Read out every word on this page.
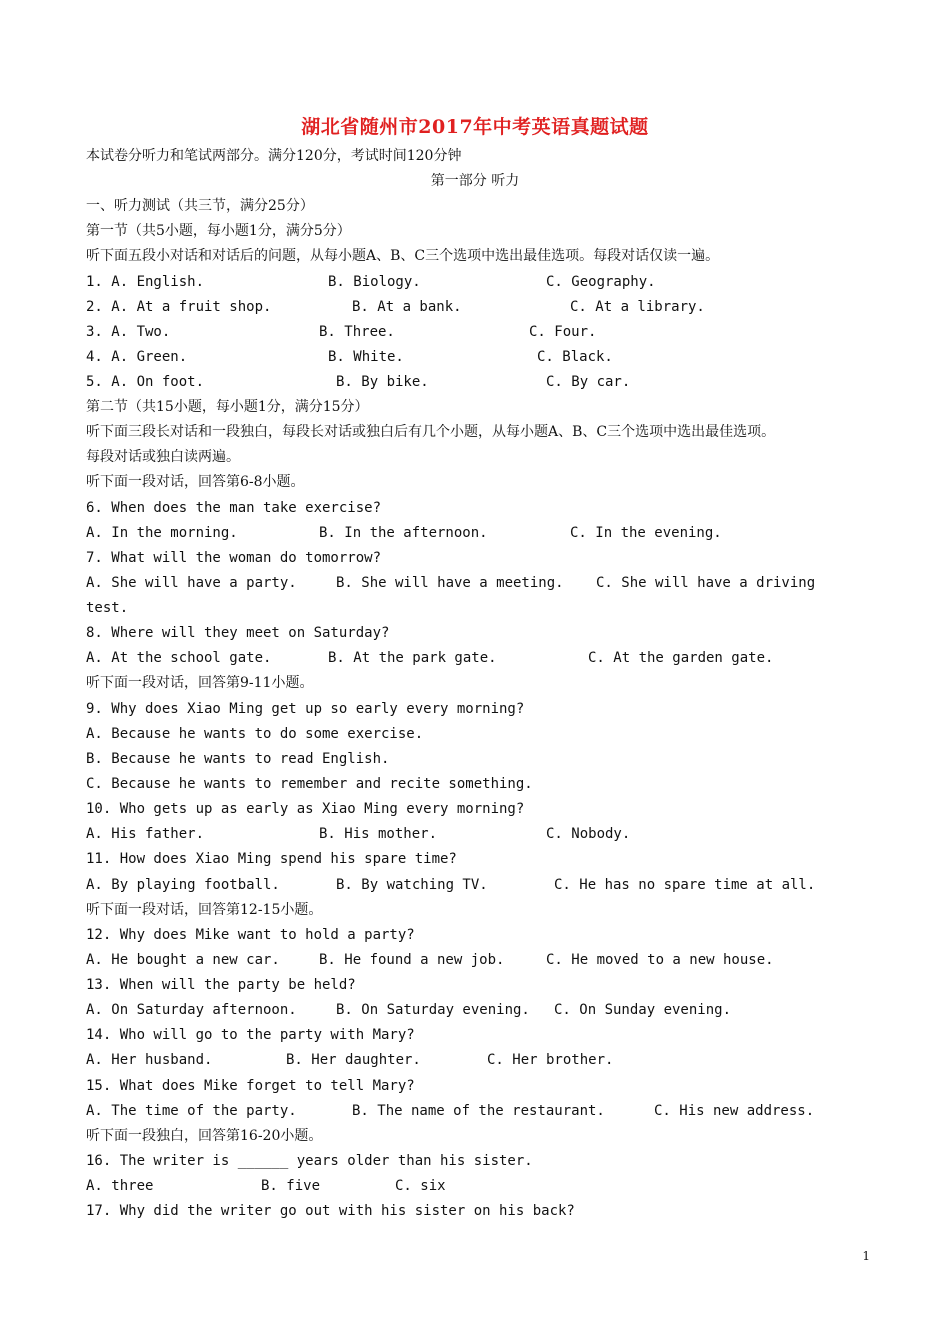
湖北省随州市2017年中考英语真题试题
本试卷分听力和笔试两部分。满分120分，考试时间120分钟
第一部分 听力
一、听力测试（共三节，满分25分）
第一节（共5小题，每小题1分，满分5分）
听下面五段小对话和对话后的问题，从每小题A、B、C三个选项中选出最佳选项。每段对话仅读一遍。

1. A. English.

	B. Biology.

	C. Geography.

2. A. At a fruit shop.

	B. At a bank.

	C. At a library.

3. A. Two.

	B. Three.

	C. Four.

4. A. Green.

	B. White.

	C. Black.

5. A. On foot.

	B. By bike.

	C. By car.

第二节（共15小题，每小题1分，满分15分）
听下面三段长对话和一段独白，每段长对话或独白后有几个小题，从每小题A、B、C三个选项中选出最佳选项。
每段对话或独白读两遍。
听下面一段对话，回答第6-8小题。
6. When does the man take exercise?

A. In the morning.

	B. In the afternoon.

	C. In the evening.

7. What will the woman do tomorrow?

A. She will have a party.

	B. She will have a meeting.

C. She will have a driving

test.
8. Where will they meet on Saturday?

A. At the school gate.

	B. At the park gate.

	C. At the garden gate.

听下面一段对话，回答第9-11小题。
9. Why does Xiao Ming get up so early every morning?
A. Because he wants to do some exercise.
B. Because he wants to read English.
C. Because he wants to remember and recite something.
10. Who gets up as early as Xiao Ming every morning?

A. His father.

	B. His mother.

	C. Nobody.

11. How does Xiao Ming spend his spare time?

A. By playing football.

	B. By watching TV.

	C. He has no spare time at all.

听下面一段对话，回答第12-15小题。
12. Why does Mike want to hold a party?

A. He bought a new car.

	B. He found a new job.

	C. He moved to a new house.

13. When will the party be held?

A. On Saturday afternoon.

	B. On Saturday evening.

C. On Sunday evening.

14. Who will go to the party with Mary?

A. Her husband.

	B. Her daughter.

	C. Her brother.

15. What does Mike forget to tell Mary?

A. The time of the party.

	B. The name of the restaurant.

	C. His new address.

听下面一段独白，回答第16-20小题。
16. The writer is ______ years older than his sister.

A. three

	B. five

	C. six

17. Why did the writer go out with his sister on his back?
1
